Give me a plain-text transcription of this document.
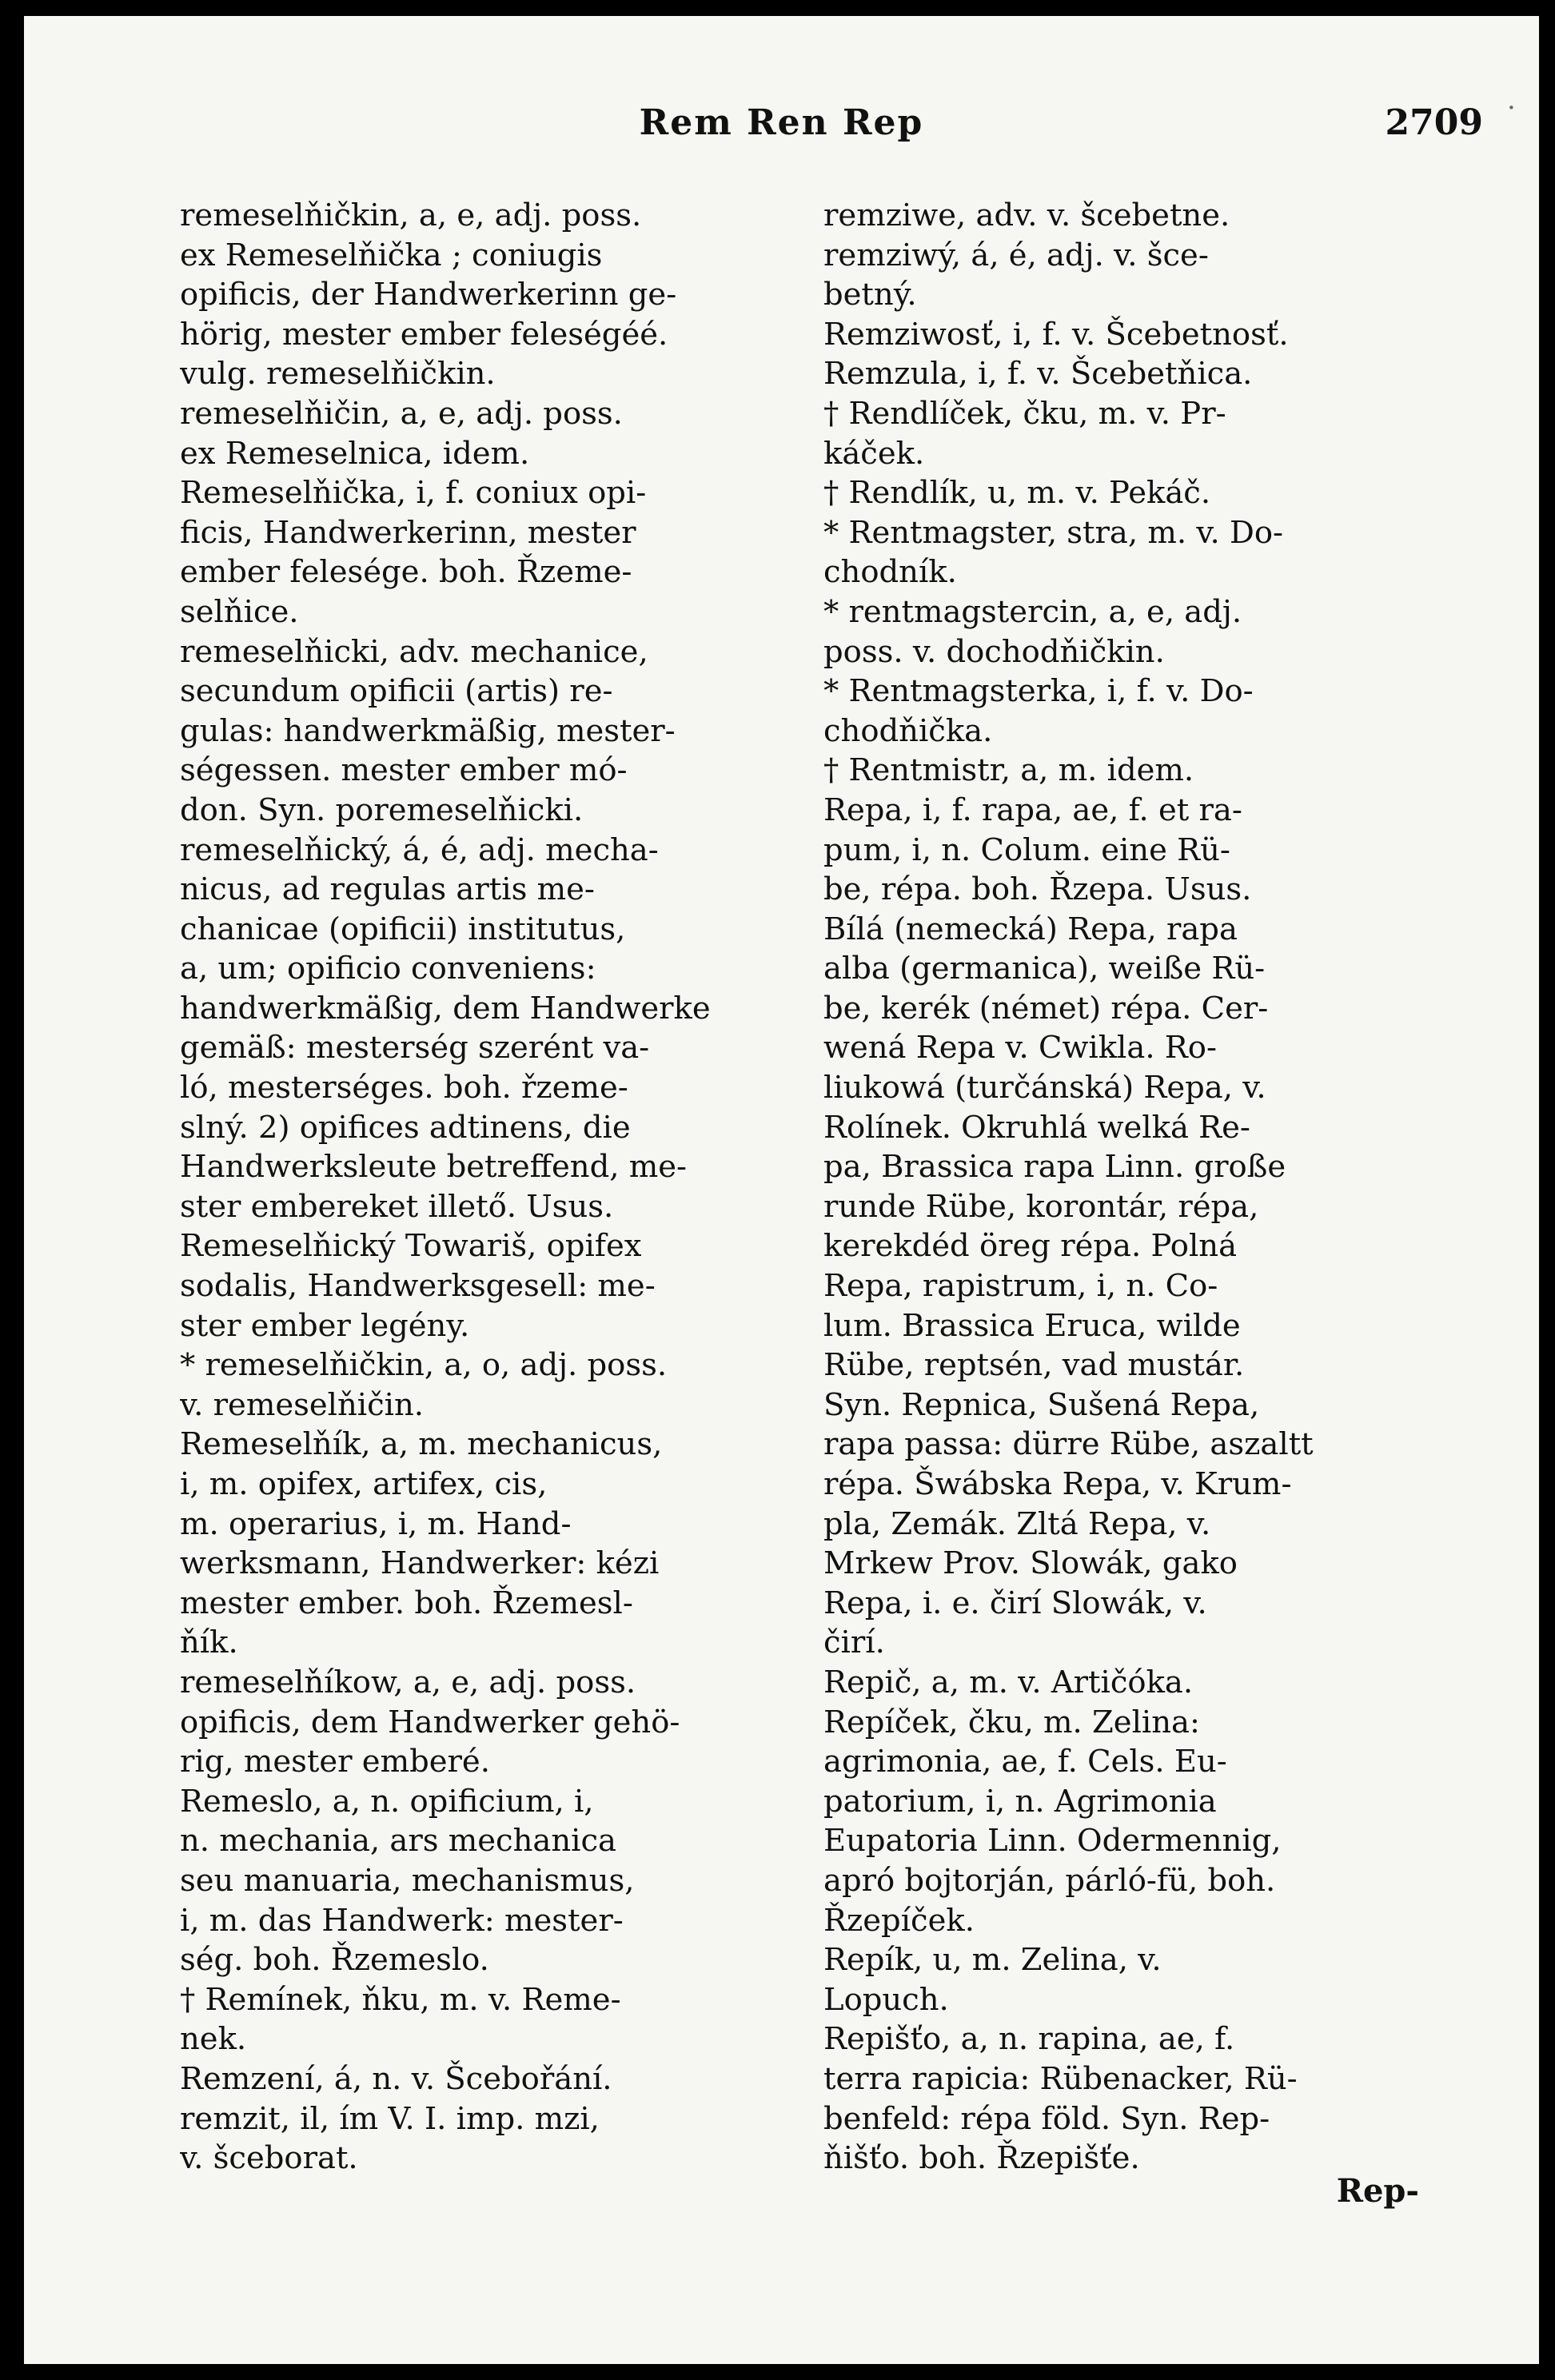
Rem Ren Rep	2709
remeselňičkin, a, e, adj. poss.
ex Remeselňička ; coniugis
opificis, der Handwerkerinn ge-
hörig, mester ember feleségéé.
vulg. remeselňičkin.
remeselňičin, a, e, adj. poss.
ex Remeselnica, idem.
Remeselňička, i, f. coniux opi-
ficis, Handwerkerinn, mester
ember felesége. boh. Řzeme-
selňice.
remeselňicki, adv. mechanice,
secundum opificii (artis) re-
gulas: handwerkmäßig, mester-
ségessen. mester ember mó-
don. Syn. poremeselňicki.
remeselňický, á, é, adj. mecha-
nicus, ad regulas artis me-
chanicae (opificii) institutus,
a, um; opificio conveniens:
handwerkmäßig, dem Handwerke
gemäß: mesterség szerént va-
ló, mesterséges. boh. řzeme-
slný. 2) opifices adtinens, die
Handwerksleute betreffend, me-
ster embereket illető. Usus.
Remeselňický Towariš, opifex
sodalis, Handwerksgesell: me-
ster ember legény.
* remeselňičkin, a, o, adj. poss.
v. remeselňičin.
Remeselňík, a, m. mechanicus,
i, m. opifex, artifex, cis,
m. operarius, i, m. Hand-
werksmann, Handwerker: kézi
mester ember. boh. Řzemesl-
ňík.
remeselňíkow, a, e, adj. poss.
opificis, dem Handwerker gehö-
rig, mester emberé.
Remeslo, a, n. opificium, i,
n. mechania, ars mechanica
seu manuaria, mechanismus,
i, m. das Handwerk: mester-
ség. boh. Řzemeslo.
† Remínek, ňku, m. v. Reme-
nek.
Remzení, á, n. v. Šcebořání.
remzit, il, ím V. I. imp. mzi,
v. šceborat.
remziwe, adv. v. šcebetne.
remziwý, á, é, adj. v. šce-
betný.
Remziwosť, i, f. v. Šcebetnosť.
Remzula, i, f. v. Šcebetňica.
† Rendlíček, čku, m. v. Pr-
káček.
† Rendlík, u, m. v. Pekáč.
* Rentmagster, stra, m. v. Do-
chodník.
* rentmagstercin, a, e, adj.
poss. v. dochodňičkin.
* Rentmagsterka, i, f. v. Do-
chodňička.
† Rentmistr, a, m. idem.
Repa, i, f. rapa, ae, f. et ra-
pum, i, n. Colum. eine Rü-
be, répa. boh. Řzepa. Usus.
Bílá (nemecká) Repa, rapa
alba (germanica), weiße Rü-
be, kerék (német) répa. Cer-
wená Repa v. Cwikla. Ro-
liukowá (turčánská) Repa, v.
Rolínek. Okruhlá welká Re-
pa, Brassica rapa Linn. große
runde Rübe, korontár, répa,
kerekdéd öreg répa. Polná
Repa, rapistrum, i, n. Co-
lum. Brassica Eruca, wilde
Rübe, reptsén, vad mustár.
Syn. Repnica, Sušená Repa,
rapa passa: dürre Rübe, aszaltt
répa. Šwábska Repa, v. Krum-
pla, Zemák. Zltá Repa, v.
Mrkew Prov. Slowák, gako
Repa, i. e. čirí Slowák, v.
čirí.
Repič, a, m. v. Artičóka.
Repíček, čku, m. Zelina:
agrimonia, ae, f. Cels. Eu-
patorium, i, n. Agrimonia
Eupatoria Linn. Odermennig,
apró bojtorján, párló-fü, boh.
Řzepíček.
Repík, u, m. Zelina, v.
Lopuch.
Repišťo, a, n. rapina, ae, f.
terra rapicia: Rübenacker, Rü-
benfeld: répa föld. Syn. Rep-
ňišťo. boh. Řzepišťe.
Rep-
·
